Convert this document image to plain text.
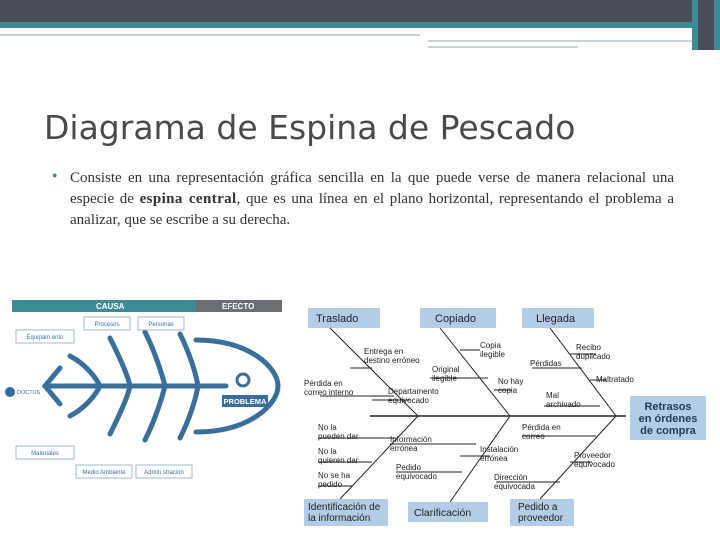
Diagrama de Espina de Pescado
● Consiste en una representación gráfica sencilla en la que puede verse de manera relacional una especie de espina central, que es una línea en el plano horizontal, representando el problema a analizar, que se escribe a su derecha.
CAUSA	EFECTO
PROBLEMA
Equipam ento
Procesos	Personas
Materiales
Medio Ambiente	Admin stración
DOCTUS
Traslado	Copiado	Llegada
Identificación de la información	Clarificación	Pedido a proveedor
Retrasos en órdenes de compra
Entrega en destino erróneo
Pérdida en correo interno	Departamento equivocado
Copia ilegible
Original ilegible	No hay copia
Recibo duplicado
Pérdidas
Maltratado
Mal archivado
No la pueden dar
No la quieren dar
No se ha pedido
Información errónea
Pedido equivocado
Instalación errónea
Pérdida en correo
Proveedor equivocado
Dirección equivocada
